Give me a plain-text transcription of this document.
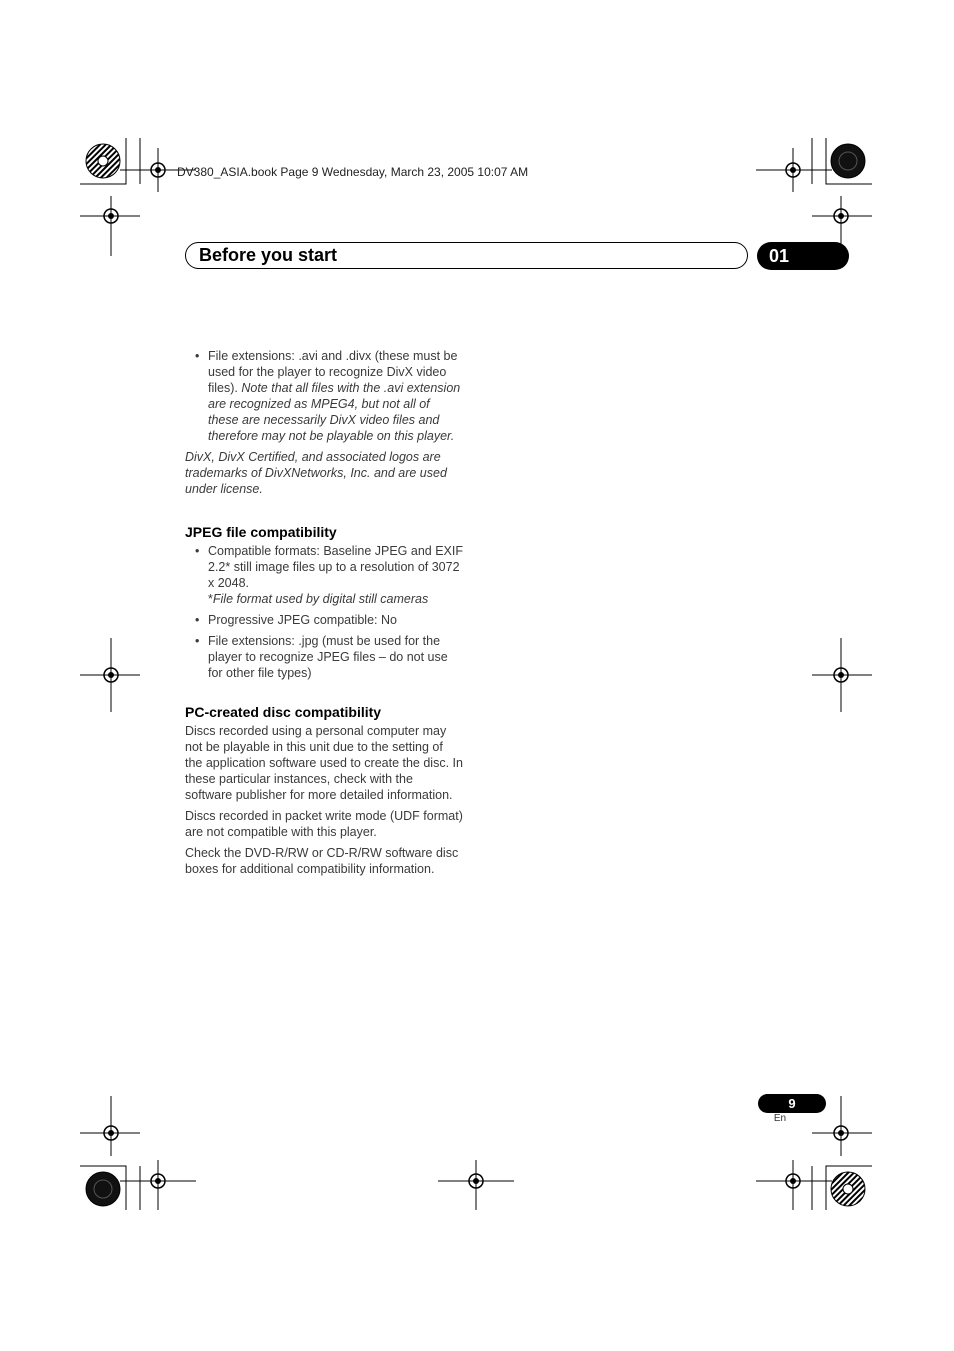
DV380_ASIA.book Page 9 Wednesday, March 23, 2005 10:07 AM
Before you start	01
• File extensions: .avi and .divx (these must be used for the player to recognize DivX video files). Note that all files with the .avi extension are recognized as MPEG4, but not all of these are necessarily DivX video files and therefore may not be playable on this player.

DivX, DivX Certified, and associated logos are trademarks of DivXNetworks, Inc. and are used under license.

JPEG file compatibility
• Compatible formats: Baseline JPEG and EXIF 2.2* still image files up to a resolution of 3072 x 2048.
*File format used by digital still cameras
• Progressive JPEG compatible: No
• File extensions: .jpg (must be used for the player to recognize JPEG files – do not use for other file types)
PC-created disc compatibility

Discs recorded using a personal computer may not be playable in this unit due to the setting of the application software used to create the disc. In these particular instances, check with the software publisher for more detailed information.

Discs recorded in packet write mode (UDF format) are not compatible with this player.

Check the DVD-R/RW or CD-R/RW software disc boxes for additional compatibility information.

9
En
